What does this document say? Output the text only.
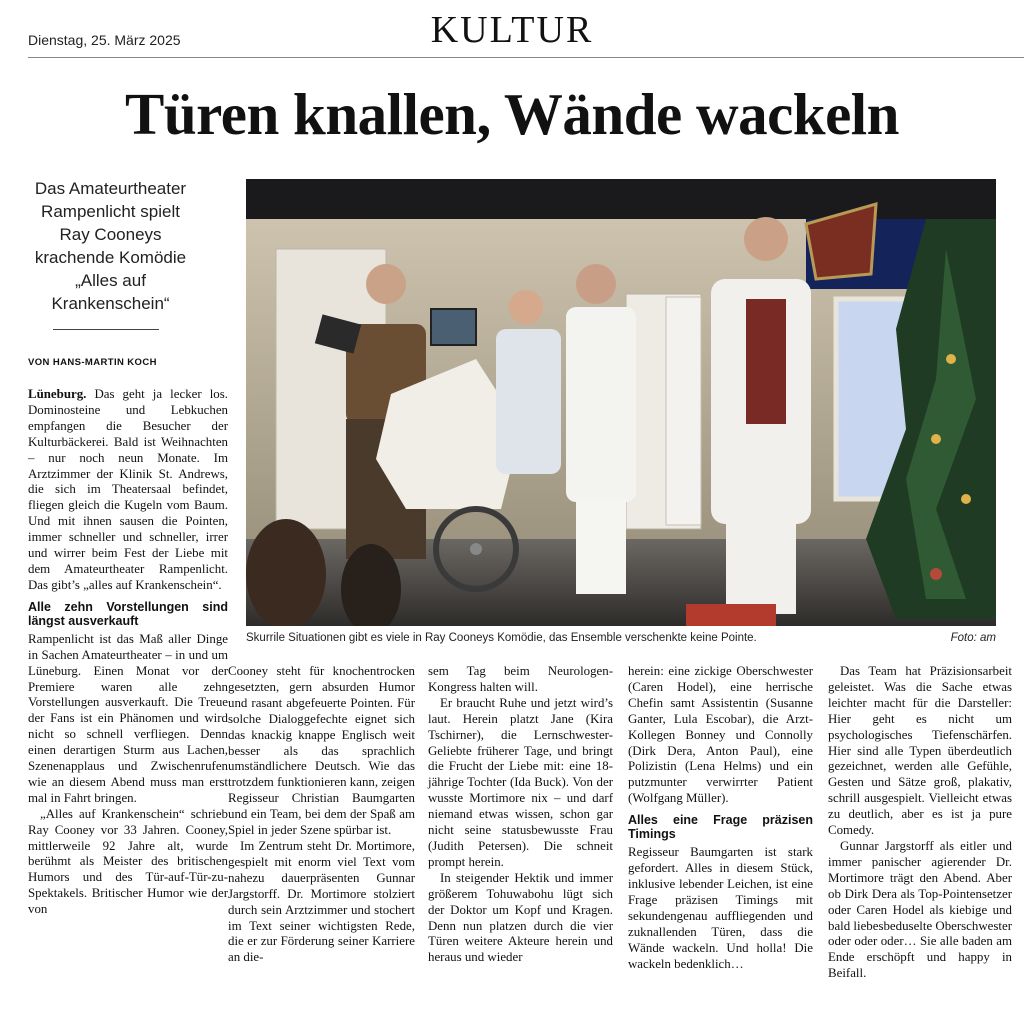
Dienstag, 25. März 2025	KULTUR
Türen knallen, Wände wackeln
Das Amateurtheater Rampenlicht spielt Ray Cooneys krachende Komödie „Alles auf Krankenschein“
VON HANS-MARTIN KOCH

Lüneburg. Das geht ja lecker los. Dominosteine und Lebkuchen empfangen die Besucher der Kulturbäckerei. Bald ist Weihnachten – nur noch neun Monate. Im Arztzimmer der Klinik St. Andrews, die sich im Theatersaal befindet, fliegen gleich die Kugeln vom Baum. Und mit ihnen sausen die Pointen, immer schneller und schneller, irrer und wirrer beim Fest der Liebe mit dem Amateurtheater Rampenlicht. Das gibt’s „alles auf Krankenschein“.

Alle zehn Vorstellungen sind längst ausverkauft

Rampenlicht ist das Maß aller Dinge in Sachen Amateurtheater – in und um Lüneburg. Einen Monat vor der Premiere waren alle zehn Vorstellungen ausverkauft. Die Treue der Fans ist ein Phänomen und wird nicht so schnell verfliegen. Denn einen derartigen Sturm aus Lachen, Szenenapplaus und Zwischenrufen wie an diesem Abend muss man erst mal in Fahrt bringen.

„Alles auf Krankenschein“ schrieb Ray Cooney vor 33 Jahren. Cooney, mittlerweile 92 Jahre alt, wurde berühmt als Meister des britischen Humors und des Tür-auf-Tür-zu-Spektakels. Britischer Humor wie der von

Skurrile Situationen gibt es viele in Ray Cooneys Komödie, das Ensemble verschenkte keine Pointe.	Foto: am

Cooney steht für knochentrocken gesetzten, gern absurden Humor und rasant abgefeuerte Pointen. Für solche Dialoggefechte eignet sich das knackig knappe Englisch weit besser als das sprachlich umständlichere Deutsch. Wie das trotzdem funktionieren kann, zeigen Regisseur Christian Baumgarten und ein Team, bei dem der Spaß am Spiel in jeder Szene spürbar ist.

Im Zentrum steht Dr. Mortimore, gespielt mit enorm viel Text vom nahezu dauerpräsenten Gunnar Jargstorff. Dr. Mortimore stolziert durch sein Arztzimmer und stochert im Text seiner wichtigsten Rede, die er zur Förderung seiner Karriere an die-

sem Tag beim Neurologen-Kongress halten will.

Er braucht Ruhe und jetzt wird’s laut. Herein platzt Jane (Kira Tschirner), die Lernschwester-Geliebte früherer Tage, und bringt die Frucht der Liebe mit: eine 18-jährige Tochter (Ida Buck). Von der wusste Mortimore nix – und darf niemand etwas wissen, schon gar nicht seine statusbewusste Frau (Judith Petersen). Die schneit prompt herein.

In steigender Hektik und immer größerem Tohuwabohu lügt sich der Doktor um Kopf und Kragen. Denn nun platzen durch die vier Türen weitere Akteure herein und heraus und wieder

herein: eine zickige Oberschwester (Caren Hodel), eine herrische Chefin samt Assistentin (Susanne Ganter, Lula Escobar), die Arzt-Kollegen Bonney und Connolly (Dirk Dera, Anton Paul), eine Polizistin (Lena Helms) und ein putzmunter verwirrter Patient (Wolfgang Müller).

Alles eine Frage präzisen Timings

Regisseur Baumgarten ist stark gefordert. Alles in diesem Stück, inklusive lebender Leichen, ist eine Frage präzisen Timings mit sekundengenau auffliegenden und zuknallenden Türen, dass die Wände wackeln. Und holla! Die wackeln bedenklich…

Das Team hat Präzisionsarbeit geleistet. Was die Sache etwas leichter macht für die Darsteller: Hier geht es nicht um psychologisches Tiefenschärfen. Hier sind alle Typen überdeutlich gezeichnet, werden alle Gefühle, Gesten und Sätze groß, plakativ, schrill ausgespielt. Vielleicht etwas zu deutlich, aber es ist ja pure Comedy.

Gunnar Jargstorff als eitler und immer panischer agierender Dr. Mortimore trägt den Abend. Aber ob Dirk Dera als Top-Pointensetzer oder Caren Hodel als kiebige und bald liebesbeduselte Oberschwester oder oder oder… Sie alle baden am Ende erschöpft und happy in Beifall.
